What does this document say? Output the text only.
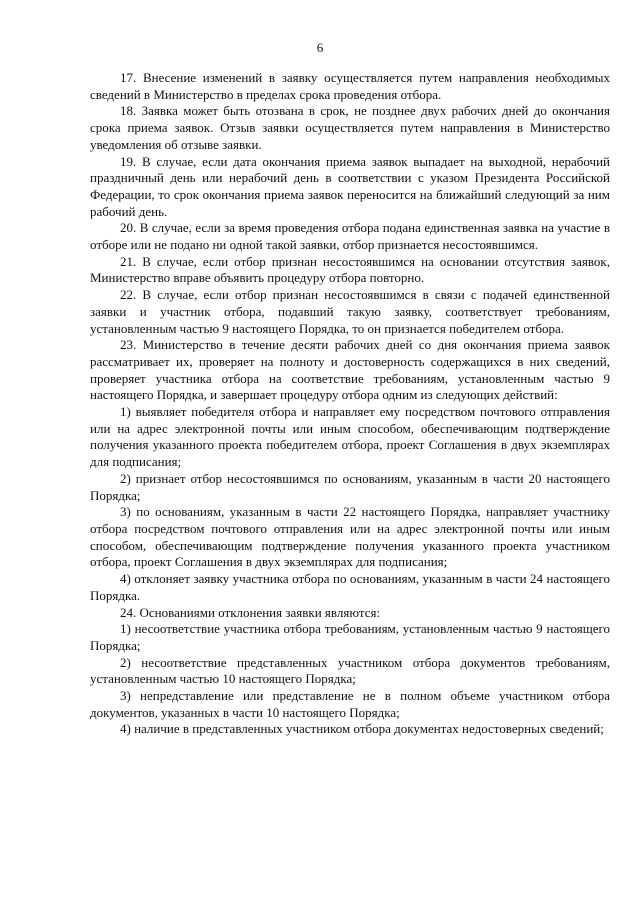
6

17. Внесение изменений в заявку осуществляется путем направления необходимых сведений в Министерство в пределах срока проведения отбора.

18. Заявка может быть отозвана в срок, не позднее двух рабочих дней до окончания срока приема заявок. Отзыв заявки осуществляется путем направления в Министерство уведомления об отзыве заявки.

19. В случае, если дата окончания приема заявок выпадает на выходной, нерабочий праздничный день или нерабочий день в соответствии с указом Президента Российской Федерации, то срок окончания приема заявок переносится на ближайший следующий за ним рабочий день.

20. В случае, если за время проведения отбора подана единственная заявка на участие в отборе или не подано ни одной такой заявки, отбор признается несостоявшимся.

21. В случае, если отбор признан несостоявшимся на основании отсутствия заявок, Министерство вправе объявить процедуру отбора повторно.

22. В случае, если отбор признан несостоявшимся в связи с подачей единственной заявки и участник отбора, подавший такую заявку, соответствует требованиям, установленным частью 9 настоящего Порядка, то он признается победителем отбора.

23. Министерство в течение десяти рабочих дней со дня окончания приема заявок рассматривает их, проверяет на полноту и достоверность содержащихся в них сведений, проверяет участника отбора на соответствие требованиям, установленным частью 9 настоящего Порядка, и завершает процедуру отбора одним из следующих действий:

1) выявляет победителя отбора и направляет ему посредством почтового отправления или на адрес электронной почты или иным способом, обеспечивающим подтверждение получения указанного проекта победителем отбора, проект Соглашения в двух экземплярах для подписания;

2) признает отбор несостоявшимся по основаниям, указанным в части 20 настоящего Порядка;

3) по основаниям, указанным в части 22 настоящего Порядка, направляет участнику отбора посредством почтового отправления или на адрес электронной почты или иным способом, обеспечивающим подтверждение получения указанного проекта участником отбора, проект Соглашения в двух экземплярах для подписания;

4) отклоняет заявку участника отбора по основаниям, указанным в части 24 настоящего Порядка.

24. Основаниями отклонения заявки являются:

1) несоответствие участника отбора требованиям, установленным частью 9 настоящего Порядка;

2) несоответствие представленных участником отбора документов требованиям, установленным частью 10 настоящего Порядка;

3) непредставление или представление не в полном объеме участником отбора документов, указанных в части 10 настоящего Порядка;

4) наличие в представленных участником отбора документах недостоверных сведений;
